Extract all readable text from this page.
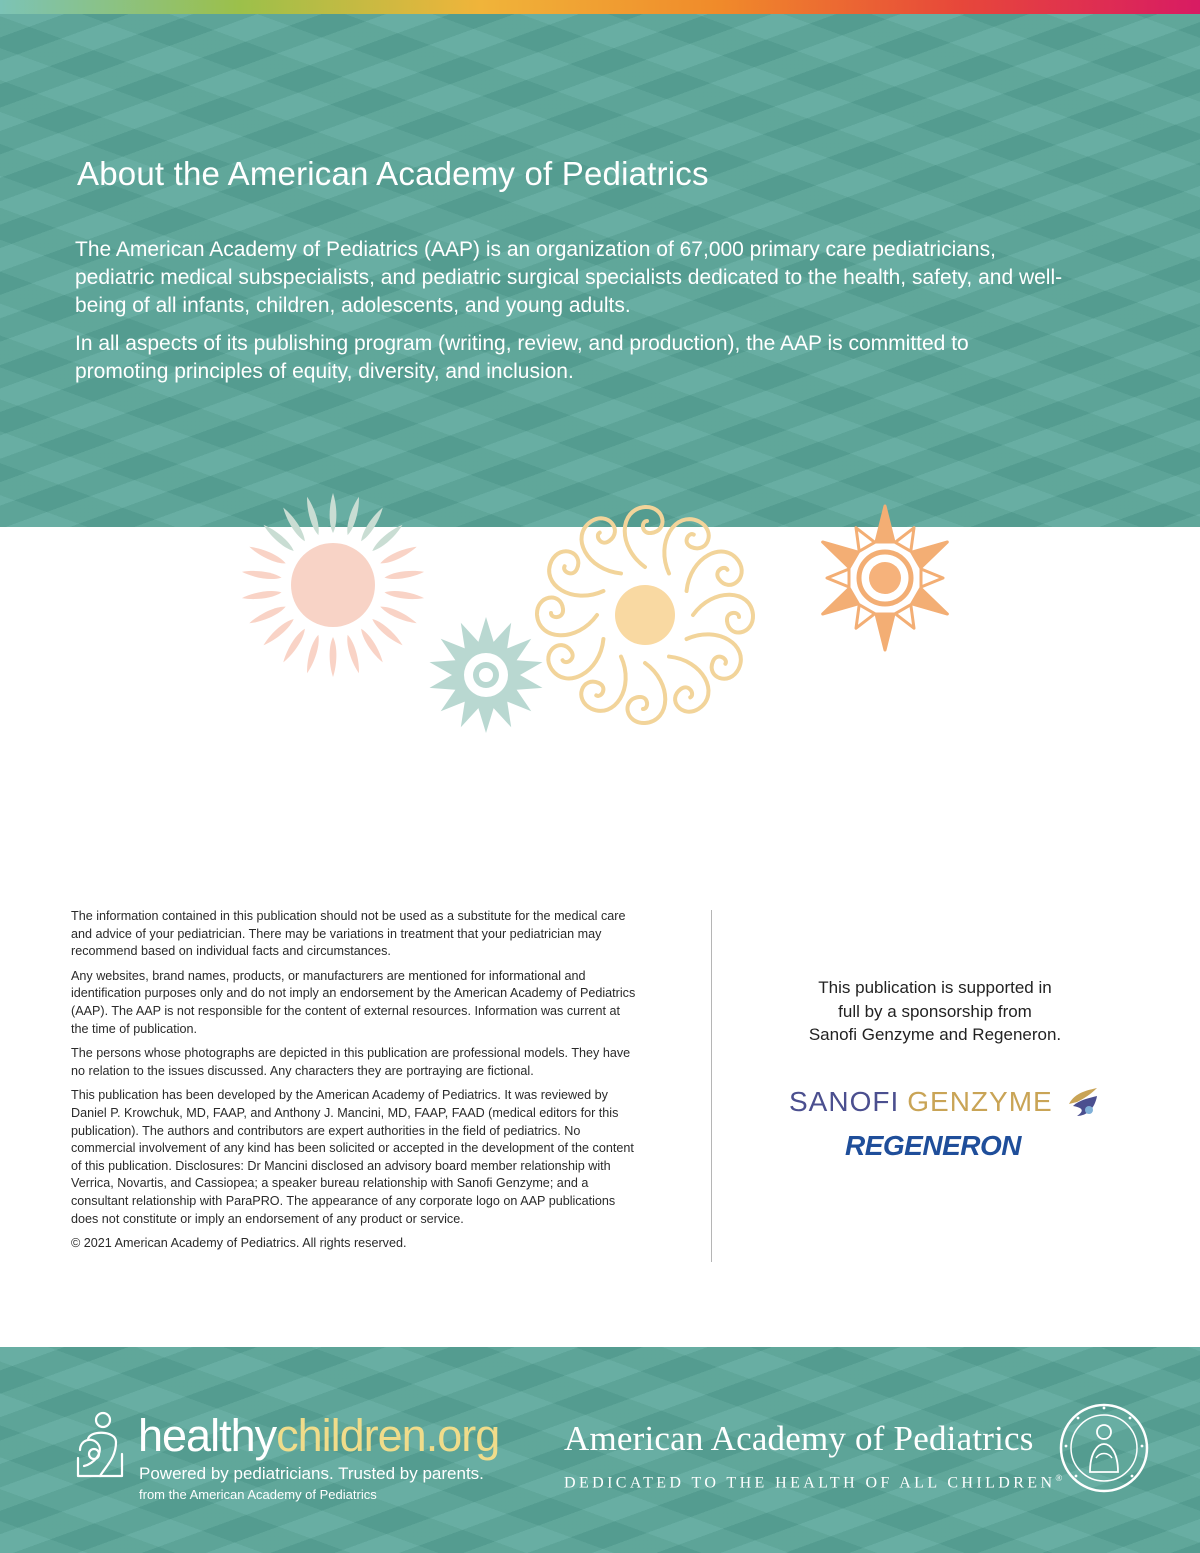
About the American Academy of Pediatrics

The American Academy of Pediatrics (AAP) is an organization of 67,000 primary care pediatricians, pediatric medical subspecialists, and pediatric surgical specialists dedicated to the health, safety, and well-being of all infants, children, adolescents, and young adults.

In all aspects of its publishing program (writing, review, and production), the AAP is committed to promoting principles of equity, diversity, and inclusion.

The information contained in this publication should not be used as a substitute for the medical care and advice of your pediatrician. There may be variations in treatment that your pediatrician may recommend based on individual facts and circumstances.

Any websites, brand names, products, or manufacturers are mentioned for informational and identification purposes only and do not imply an endorsement by the American Academy of Pediatrics (AAP). The AAP is not responsible for the content of external resources. Information was current at the time of publication.

The persons whose photographs are depicted in this publication are professional models. They have no relation to the issues discussed. Any characters they are portraying are fictional.

This publication has been developed by the American Academy of Pediatrics. It was reviewed by Daniel P. Krowchuk, MD, FAAP, and Anthony J. Mancini, MD, FAAP, FAAD (medical editors for this publication). The authors and contributors are expert authorities in the field of pediatrics. No commercial involvement of any kind has been solicited or accepted in the development of the content of this publication. Disclosures: Dr Mancini disclosed an advisory board member relationship with Verrica, Novartis, and Cassiopea; a speaker bureau relationship with Sanofi Genzyme; and a consultant relationship with ParaPRO. The appearance of any corporate logo on AAP publications does not constitute or imply an endorsement of any product or service.

© 2021 American Academy of Pediatrics. All rights reserved.

This publication is supported in
full by a sponsorship from
Sanofi Genzyme and Regeneron.
SANOFI GENZYME
REGENERON
healthychildren.org
Powered by pediatricians. Trusted by parents.
from the American Academy of Pediatrics
American Academy of Pediatrics
DEDICATED TO THE HEALTH OF ALL CHILDREN®
